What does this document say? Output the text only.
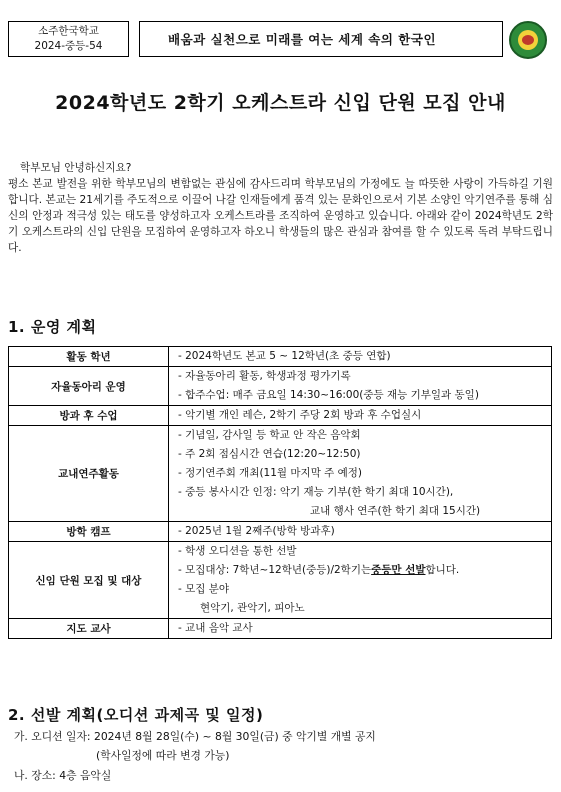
소주한국학교
2024-중등-54	배움과 실천으로 미래를 여는 세계 속의 한국인
2024학년도 2학기 오케스트라 신입 단원 모집 안내

학부모님 안녕하신지요?

평소 본교 발전을 위한 학부모님의 변함없는 관심에 감사드리며 학부모님의 가정에도 늘 따뜻한 사랑이 가득하길 기원합니다. 본교는 21세기를 주도적으로 이끌어 나갈 인재들에게 품격 있는 문화인으로서 기본 소양인 악기연주를 통해 심신의 안정과 적극성 있는 태도를 양성하고자 오케스트라를 조직하여 운영하고 있습니다. 아래와 같이 2024학년도 2학기 오케스트라의 신입 단원을 모집하여 운영하고자 하오니 학생들의 많은 관심과 참여를 할 수 있도록 독려 부탁드립니다.

1. 운영 계획
활동 학년	- 2024학년도 본교 5 ~ 12학년(초 중등 연합)

자율동아리 운영	- 자율동아리 활동, 학생과정 평가기록
- 합주수업: 매주 금요일 14:30~16:00(중등 재능 기부일과 동일)

방과 후 수업	- 악기별 개인 레슨, 2학기 주당 2회 방과 후 수업실시

교내연주활동	- 기념일, 감사일 등 학교 안 작은 음악회
- 주 2회 점심시간 연습(12:20~12:50)
- 정기연주회 개최(11월 마지막 주 예정)
- 중등 봉사시간 인정: 악기 재능 기부(한 학기 최대 10시간),
교내 행사 연주(한 학기 최대 15시간)

방학 캠프	- 2025년 1월 2째주(방학 방과후)

신임 단원 모집 및 대상	- 학생 오디션을 통한 선발
- 모집대상: 7학년~12학년(중등)/2학기는중등만 선발합니다.
- 모집 분야
현악기, 관악기, 피아노

지도 교사	- 교내 음악 교사
2. 선발 계획(오디션 과제곡 및 일정)
가. 오디션 일자: 2024년 8월 28일(수) ~ 8월 30일(금) 중 악기별 개별 공지
(학사일정에 따라 변경 가능)
나. 장소: 4층 음악실
